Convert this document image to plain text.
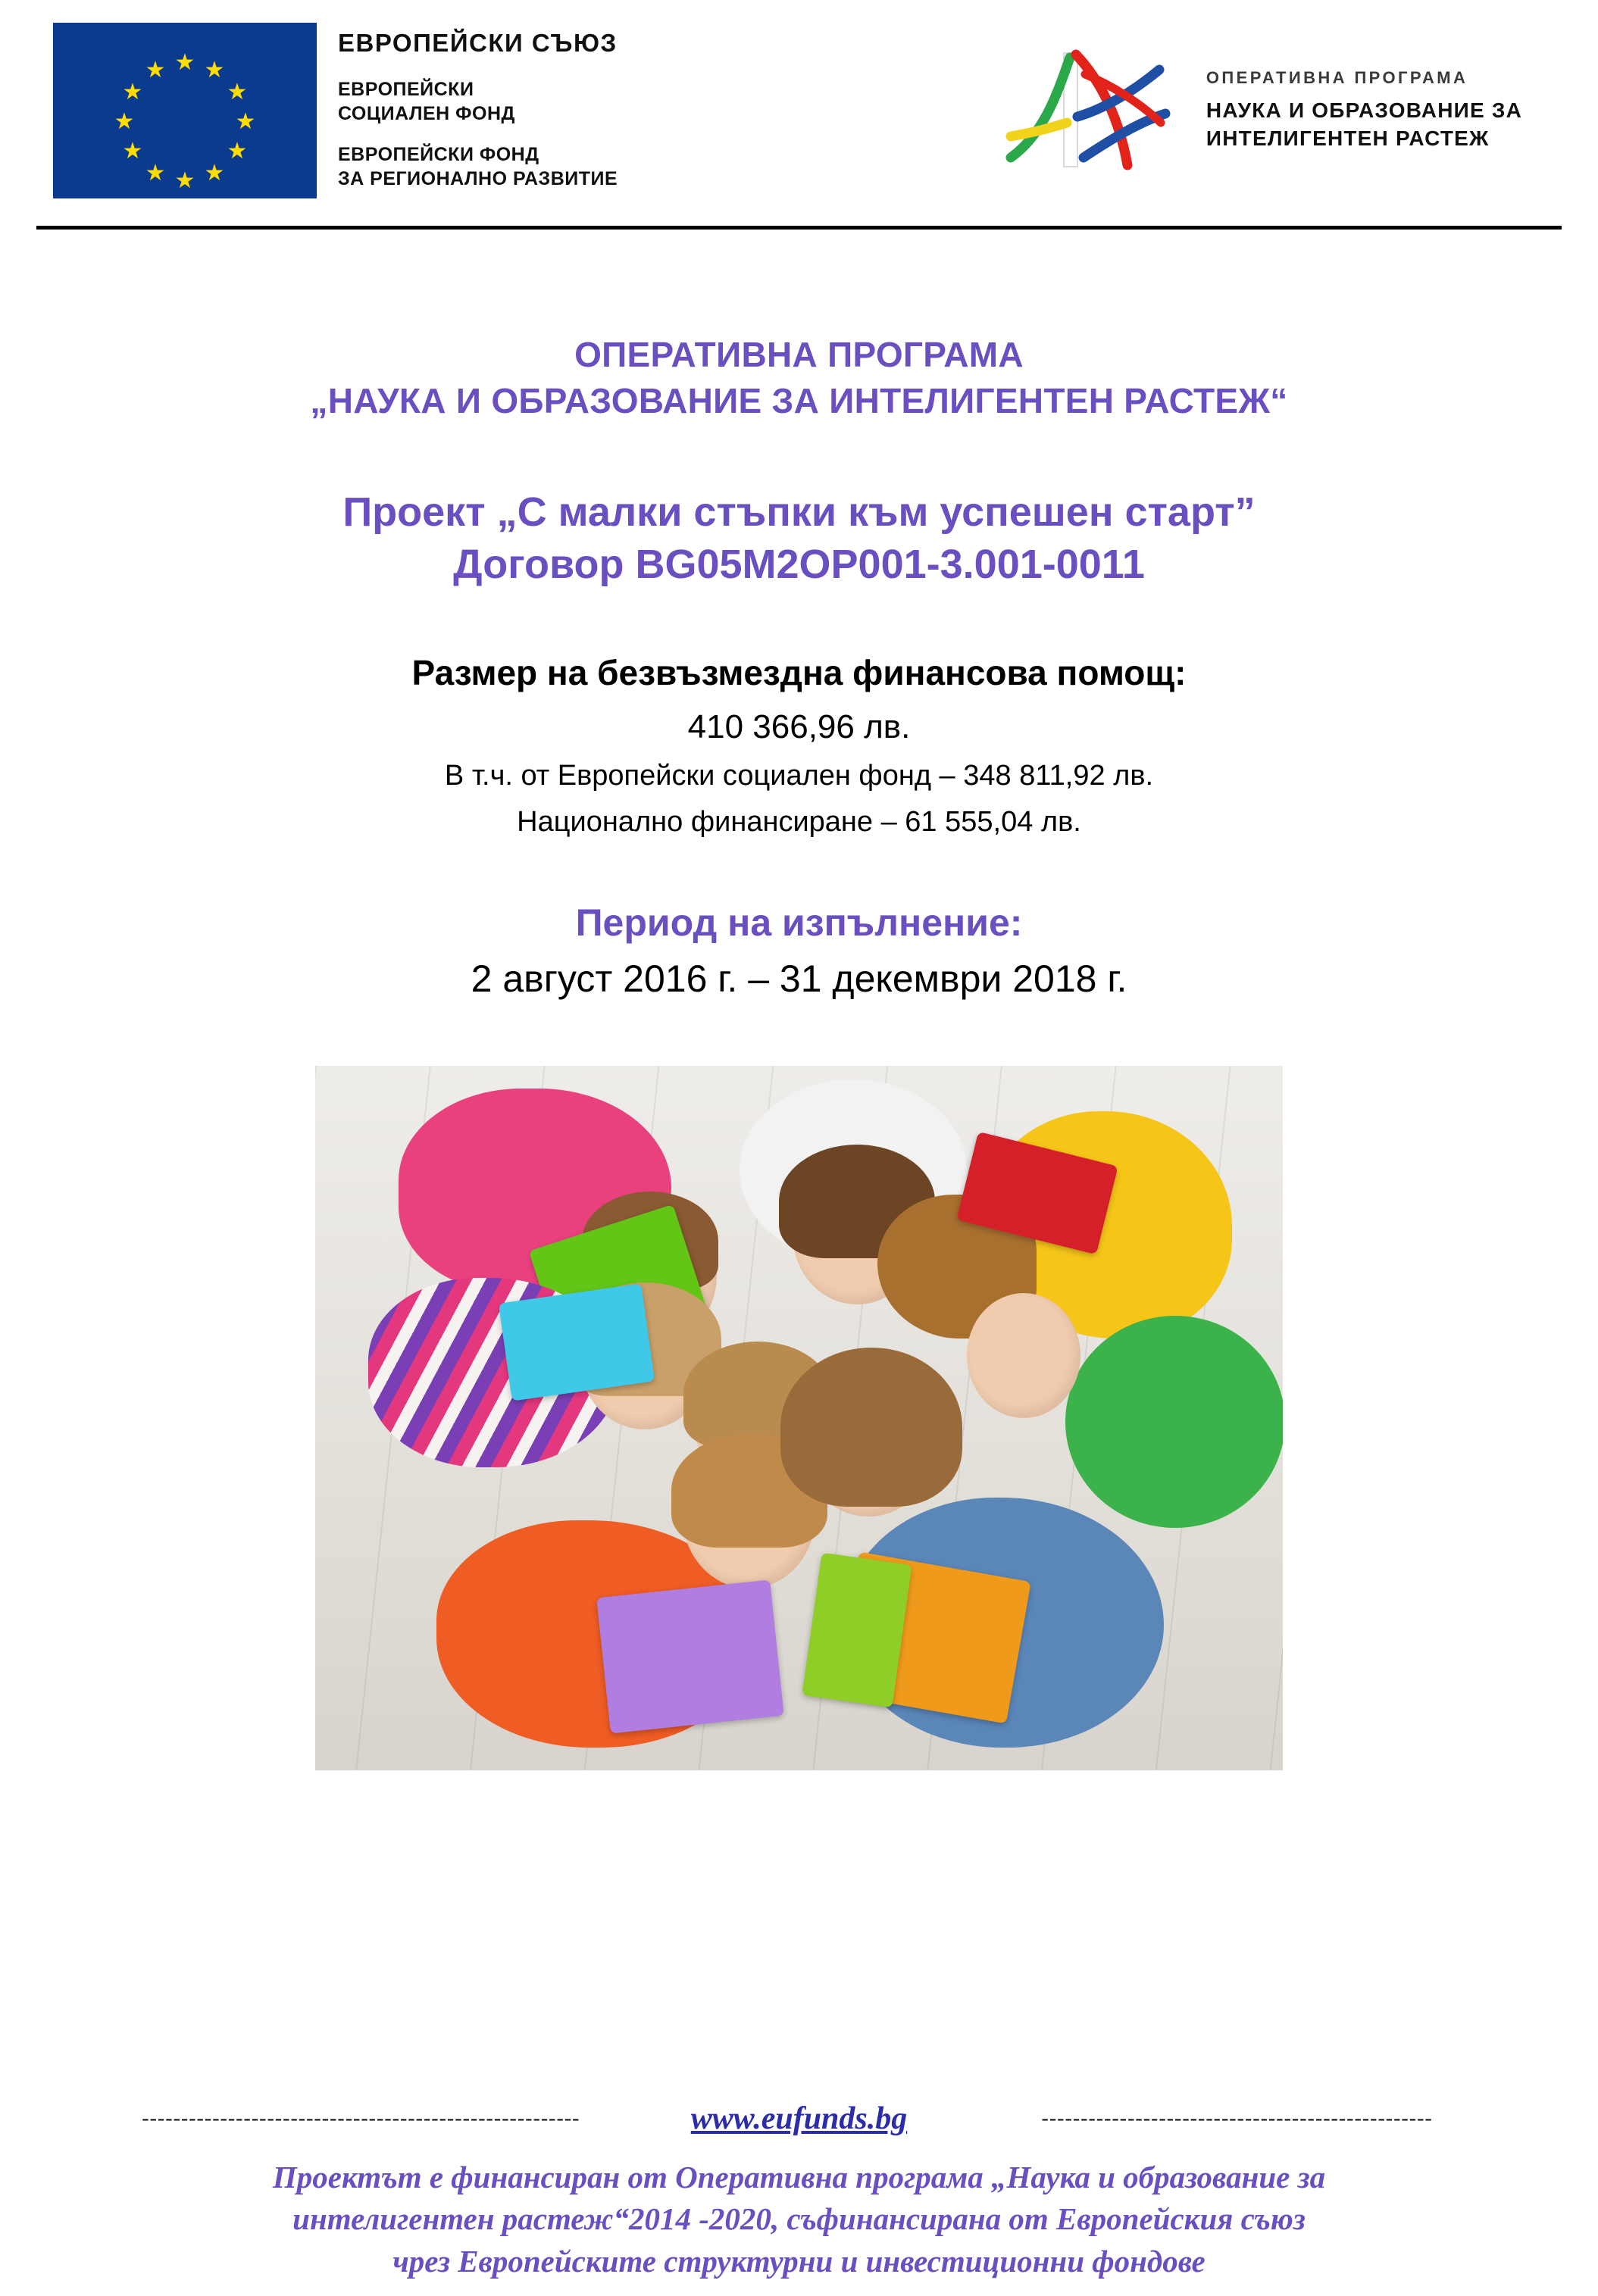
★
★ ★
★	★
★	★
★	★
★ ★
★
ЕВРОПЕЙСКИ СЪЮЗ
ЕВРОПЕЙСКИ
СОЦИАЛЕН ФОНД
ЕВРОПЕЙСКИ ФОНД
ЗА РЕГИОНАЛНО РАЗВИТИЕ
ОПЕРАТИВНА ПРОГРАМА
НАУКА И ОБРАЗОВАНИЕ ЗА
ИНТЕЛИГЕНТЕН РАСТЕЖ
ОПЕРАТИВНА ПРОГРАМА
„НАУКА И ОБРАЗОВАНИЕ ЗА ИНТЕЛИГЕНТЕН РАСТЕЖ“
Проект „С малки стъпки към успешен старт”
Договор BG05M2OP001-3.001-0011
Размер на безвъзмездна финансова помощ:
410 366,96 лв.
В т.ч. от Европейски социален фонд – 348 811,92 лв.
Национално финансиране – 61 555,04 лв.
Период на изпълнение:
2 август 2016 г. – 31 декември 2018 г.
--------------------------------------------------------	www.eufunds.bg	--------------------------------------------------
Проектът е финансиран от Оперативна програма „Наука и образование за
интелигентен растеж“2014 -2020, съфинансирана от Европейския съюз
чрез Европейските структурни и инвестиционни фондове
